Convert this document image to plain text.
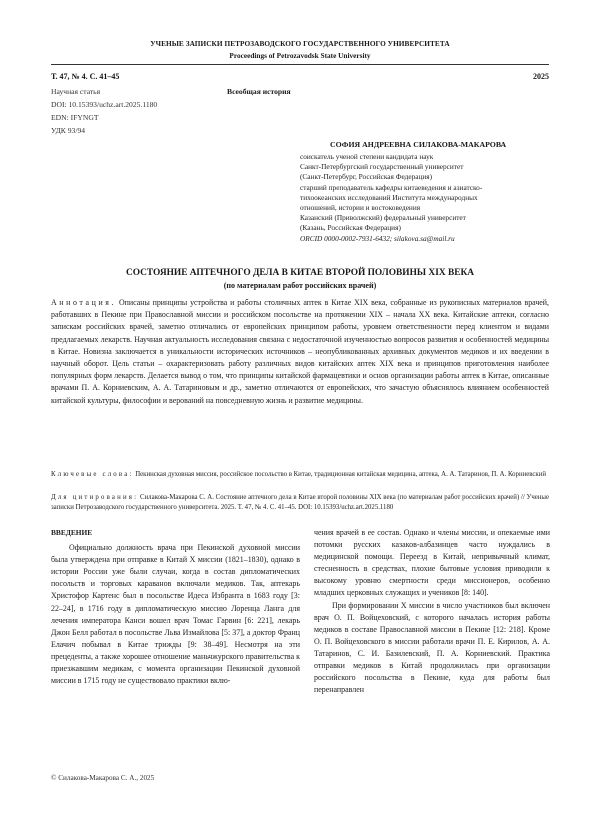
УЧЕНЫЕ ЗАПИСКИ ПЕТРОЗАВОДСКОГО ГОСУДАРСТВЕННОГО УНИВЕРСИТЕТА
Proceedings of Petrozavodsk State University
Т. 47, № 4. С. 41–45	2025
Научная статья	Всеобщая история
DOI: 10.15393/uchz.art.2025.1180
EDN: IFYNGT
УДК 93/94
СОФИЯ АНДРЕЕВНА СИЛАКОВА-МАКАРОВА
соискатель ученой степени кандидата наук
Санкт-Петербургский государственный университет
(Санкт-Петербург, Российская Федерация)
старший преподаватель кафедры китаеведения и азиатско-
тихоокеанских исследований Института международных
отношений, истории и востоковедения
Казанский (Приволжский) федеральный университет
(Казань, Российская Федерация)
ORCID 0000-0002-7931-6432; silakova.sa@mail.ru
СОСТОЯНИЕ АПТЕЧНОГО ДЕЛА В КИТАЕ ВТОРОЙ ПОЛОВИНЫ XIX ВЕКА
(по материалам работ российских врачей)
Аннотация. Описаны принципы устройства и работы столичных аптек в Китае XIX века, собранные из рукописных материалов врачей, работавших в Пекине при Православной миссии и российском посольстве на протяжении XIX – начала XX века. Китайские аптеки, согласно запискам российских врачей, заметно отличались от европейских принципом работы, уровнем ответственности перед клиентом и видами предлагаемых лекарств. Научная актуальность исследования связана с недостаточной изученностью вопросов развития и особенностей медицины в Китае. Новизна заключается в уникальности исторических источников – неопубликованных архивных документов медиков и их введении в научный оборот. Цель статьи – охарактеризовать работу различных видов китайских аптек XIX века и принципов приготовления наиболее популярных форм лекарств. Делается вывод о том, что принципы китайской фармацевтики и основ организации работы аптек в Китае, описанные врачами П. А. Корниевским, А. А. Татариновым и др., заметно отличаются от европейских, что зачастую объяснялось влиянием особенностей китайской культуры, философии и верований на повседневную жизнь и развитие медицины.
Ключевые слова: Пекинская духовная миссия, российское посольство в Китае, традиционная китайская медицина, аптека, А. А. Татаринов, П. А. Корниевский
Для цитирования: Силакова-Макарова С. А. Состояние аптечного дела в Китае второй половины XIX века (по материалам работ российских врачей) // Ученые записки Петрозаводского государственного университета. 2025. Т. 47, № 4. С. 41–45. DOI: 10.15393/uchz.art.2025.1180
ВВЕДЕНИЕ

Официально должность врача при Пекинской духовной миссии была утверждена при отправке в Китай X миссии (1821–1830), однако в истории России уже были случаи, когда в состав дипломатических посольств и торговых караванов включали медиков. Так, аптекарь Христофор Картенс был в посольстве Идеса Избранта в 1683 году [3: 22–24], в 1716 году в дипломатическую миссию Лоренца Ланга для лечения императора Канси вошел врач Томас Гарвин [6: 221], лекарь Джон Белл работал в посольстве Льва Измайлова [5: 37], а доктор Франц Елачич побывал в Китае трижды [9: 38–49]. Несмотря на эти прецеденты, а также хорошее отношение маньчжурского правительства к приезжавшим медикам, с момента организации Пекинской духовной миссии в 1715 году не существовало практики вклю-

чения врачей в ее состав. Однако и члены миссии, и опекаемые ими потомки русских казаков-албазинцев часто нуждались в медицинской помощи. Переезд в Китай, непривычный климат, стесненность в средствах, плохие бытовые условия приводили к высокому уровню смертности среди миссионеров, особенно младших церковных служащих и учеников [8: 140].

При формировании X миссии в число участников был включен врач О. П. Войцеховский, с которого началась история работы медиков в составе Православной миссии в Пекине [12: 218]. Кроме О. П. Войцеховского в миссии работали врачи П. Е. Кирилов, А. А. Татаринов, С. И. Базилевский, П. А. Корниевский. Практика отправки медиков в Китай продолжилась при организации российского посольства в Пекине, куда для работы был перенаправлен

© Силакова-Макарова С. А., 2025
